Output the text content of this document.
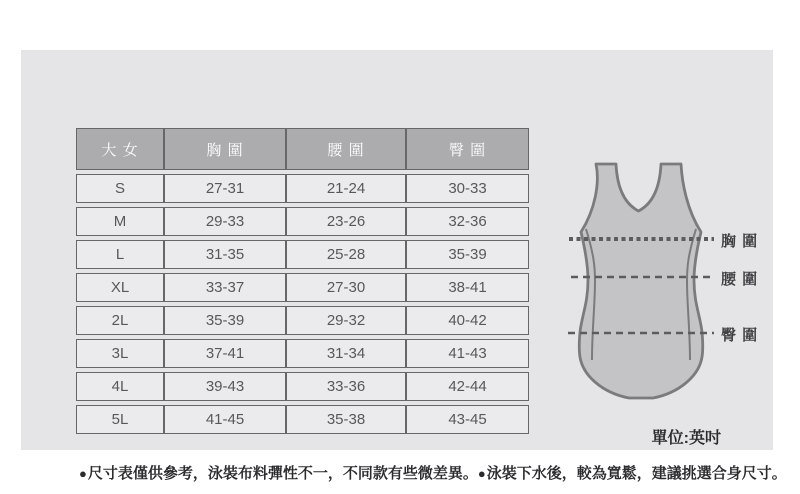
大 女	胸 圍	腰 圍	臀 圍
S	27-31	21-24	30-33
M	29-33	23-26	32-36
L	31-35	25-28	35-39
XL	33-37	27-30	38-41
2L	35-39	29-32	40-42
3L	37-41	31-34	41-43
4L	39-43	33-36	42-44
5L	41-45	35-38	43-45
胸 圍
腰 圍
臀 圍
單位:英吋
●尺寸表僅供參考，泳裝布料彈性不一，不同款有些微差異。 ●泳裝下水後，較為寬鬆，建議挑選合身尺寸。
